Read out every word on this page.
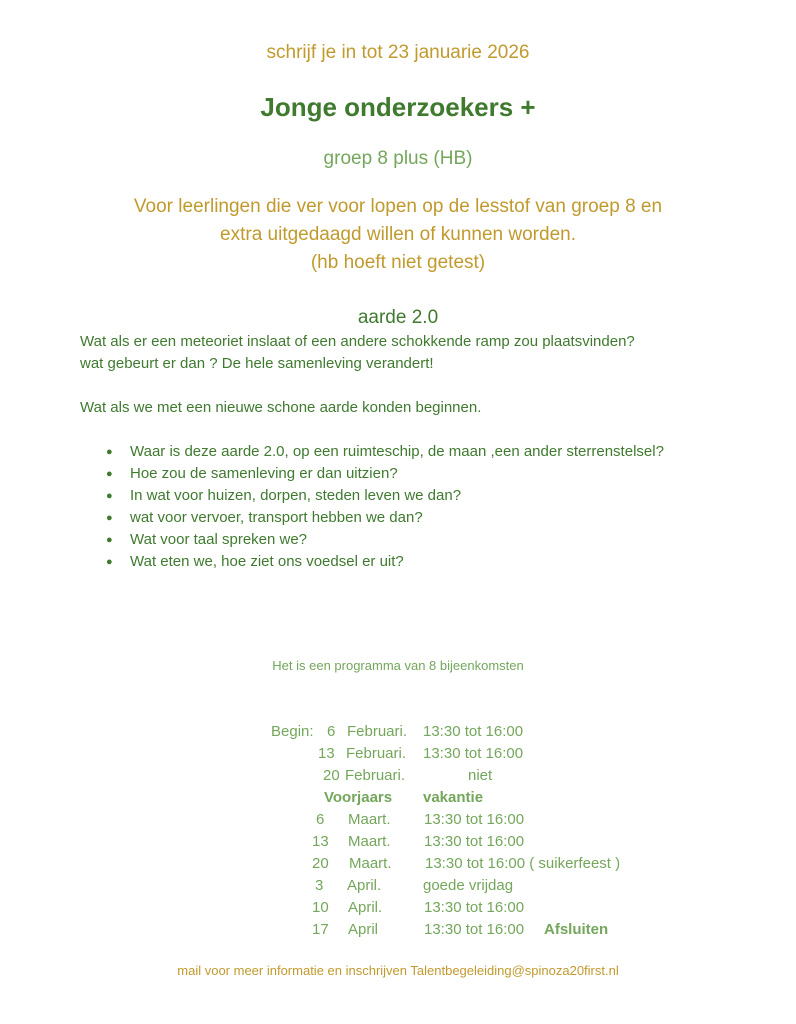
schrijf je in tot 23 januarie 2026
Jonge onderzoekers +
groep 8 plus (HB)
Voor leerlingen die ver voor lopen op de lesstof van groep 8 en
extra uitgedaagd willen of kunnen worden.
(hb hoeft niet getest)
aarde 2.0
Wat als er een meteoriet inslaat of een andere schokkende ramp zou plaatsvinden?
wat gebeurt er dan ? De hele samenleving verandert!
Wat als we met een nieuwe schone aarde konden beginnen.
● Waar is deze aarde 2.0, op een ruimteschip, de maan ,een ander sterrenstelsel?
● Hoe zou de samenleving er dan uitzien?
● In wat voor huizen, dorpen, steden leven we dan?
● wat voor vervoer, transport hebben we dan?
● Wat voor taal spreken we?
● Wat eten we, hoe ziet ons voedsel er uit?
Het is een programma van 8 bijeenkomsten
Begin: 6 Februari. 13:30 tot 16:00
13 Februari. 13:30 tot 16:00
20 Februari.	niet
Voorjaars vakantie
6 Maart. 13:30 tot 16:00
13 Maart. 13:30 tot 16:00
20 Maart. 13:30 tot 16:00 ( suikerfeest )
3 April.	goede vrijdag
10 April.	13:30 tot 16:00
17 April	13:30 tot 16:00 Afsluiten
mail voor meer informatie en inschrijven Talentbegeleiding@spinoza20first.nl
